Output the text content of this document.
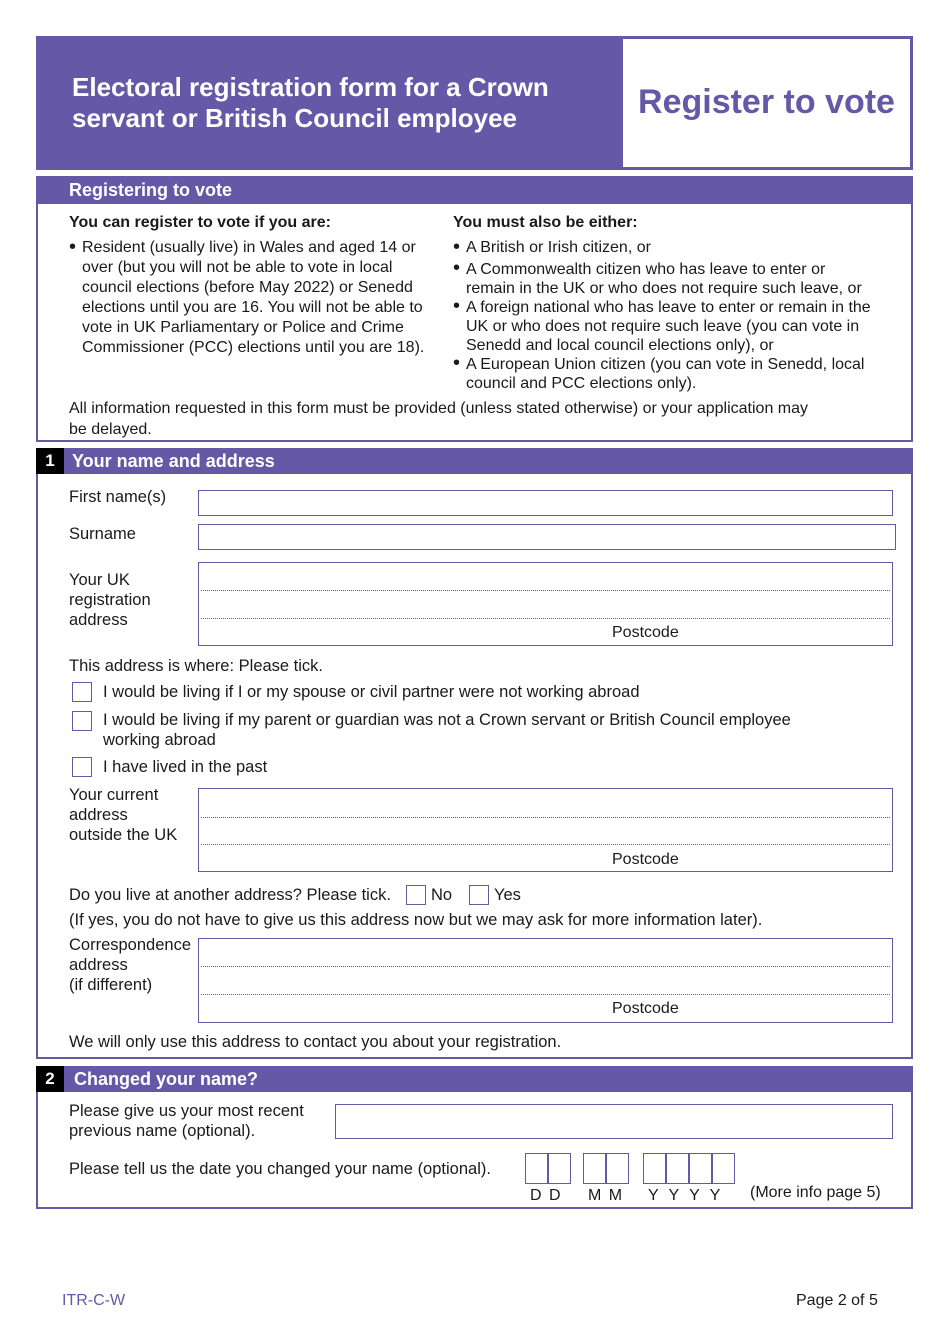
Electoral registration form for a Crown
servant or British Council employee	Register to vote
Registering to vote
You can register to vote if you are:
• Resident (usually live) in Wales and aged 14 or
over (but you will not be able to vote in local
council elections (before May 2022) or Senedd
elections until you are 16. You will not be able to
vote in UK Parliamentary or Police and Crime
Commissioner (PCC) elections until you are 18).
You must also be either:
• A British or Irish citizen, or
• A Commonwealth citizen who has leave to enter or
remain in the UK or who does not require such leave, or
• A foreign national who has leave to enter or remain in the
UK or who does not require such leave (you can vote in
Senedd and local council elections only), or
• A European Union citizen (you can vote in Senedd, local
council and PCC elections only).
All information requested in this form must be provided (unless stated otherwise) or your application may
be delayed.
1 Your name and address
First name(s)
Surname
Your UK
registration
address
Postcode
This address is where: Please tick.
I would be living if I or my spouse or civil partner were not working abroad
I would be living if my parent or guardian was not a Crown servant or British Council employee
working abroad
I have lived in the past
Your current
address
outside the UK
Postcode
Do you live at another address? Please tick. No	Yes
(If yes, you do not have to give us this address now but we may ask for more information later).
Correspondence
address
(if different)
Postcode
We will only use this address to contact you about your registration.
2	Changed your name?
Please give us your most recent
previous name (optional).
Please tell us the date you changed your name (optional).
D D M M Y Y Y Y (More info page 5)
ITR-C-W	Page 2 of 5
